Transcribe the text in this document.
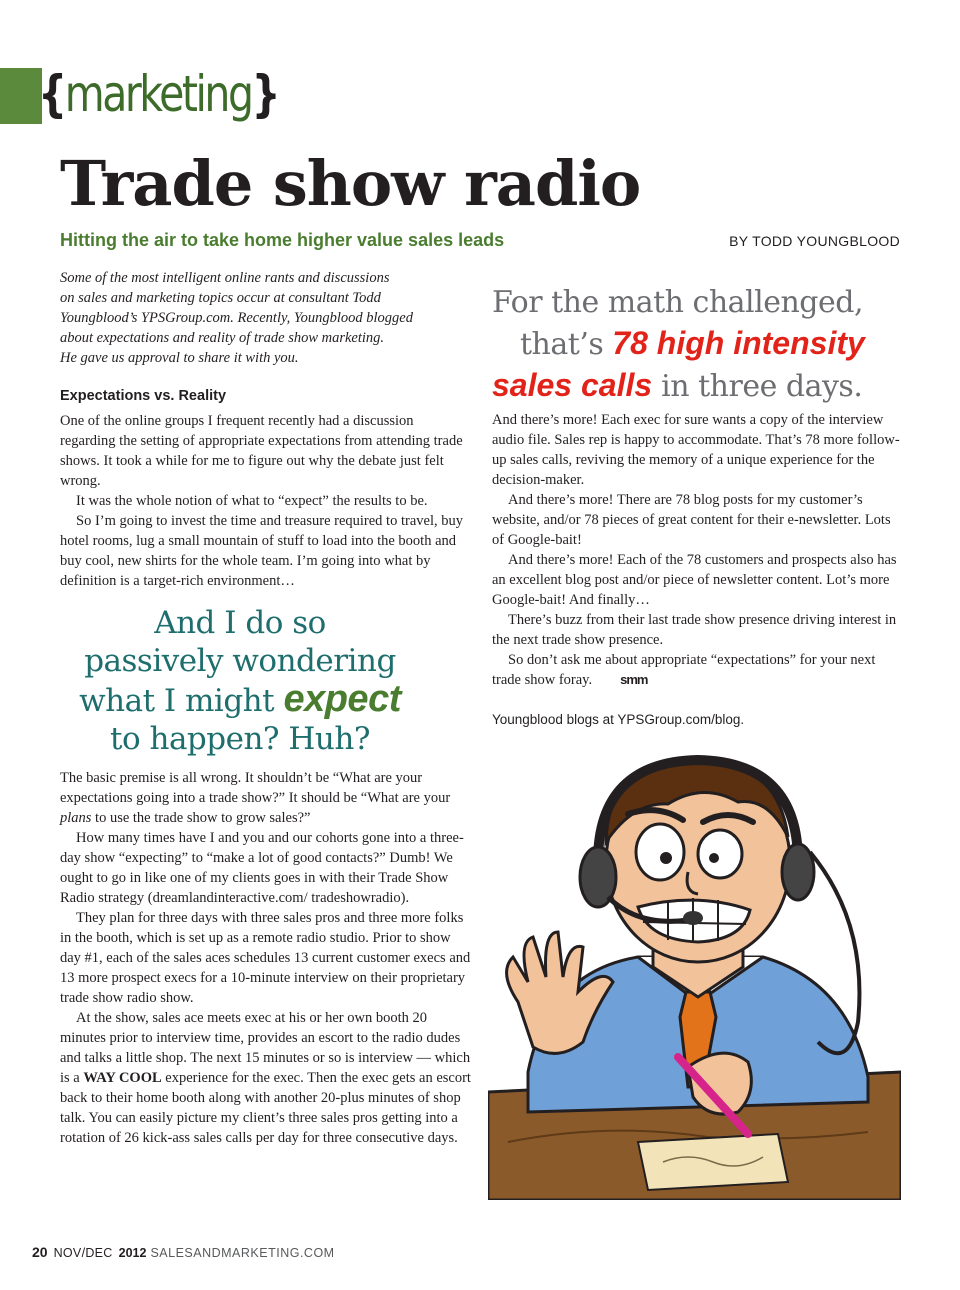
{marketing}
Trade show radio
Hitting the air to take home higher value sales leads	BY TODD YOUNGBLOOD

Some of the most intelligent online rants and discussions

on sales and marketing topics occur at consultant Todd

Youngblood’s YPSGroup.com. Recently, Youngblood blogged

about expectations and reality of trade show marketing.

He gave us approval to share it with you.

Expectations vs. Reality

One of the online groups I frequent recently had a discussion regarding the setting of appropriate expectations from attending trade shows. It took a while for me to figure out why the debate just felt wrong.

It was the whole notion of what to “expect” the results to be.

So I’m going to invest the time and treasure required to travel, buy hotel rooms, lug a small mountain of stuff to load into the booth and buy cool, new shirts for the whole team. I’m going into what by definition is a target-rich environment…

And I do so
passively wondering
what I might expect
to happen? Huh?

The basic premise is all wrong. It shouldn’t be “What are your expectations going into a trade show?” It should be “What are your plans to use the trade show to grow sales?”

How many times have I and you and our cohorts gone into a three-day show “expecting” to “make a lot of good contacts?” Dumb! We ought to go in like one of my clients goes in with their Trade Show Radio strategy (dreamlandinteractive.com/ tradeshowradio).

They plan for three days with three sales pros and three more folks in the booth, which is set up as a remote radio studio. Prior to show day #1, each of the sales aces schedules 13 current customer execs and 13 more prospect execs for a 10-minute interview on their proprietary trade show radio show.

At the show, sales ace meets exec at his or her own booth 20 minutes prior to interview time, provides an escort to the radio dudes and talks a little shop. The next 15 minutes or so is interview — which is a WAY COOL experience for the exec. Then the exec gets an escort back to their home booth along with another 20-plus minutes of shop talk. You can easily picture my client’s three sales pros getting into a rotation of 26 kick-ass sales calls per day for three consecutive days.

For the math challenged,
that’s 78 high intensity
sales calls in three days.

And there’s more! Each exec for sure wants a copy of the interview audio file. Sales rep is happy to accommodate. That’s 78 more follow-up sales calls, reviving the memory of a unique experience for the decision-maker.

And there’s more! There are 78 blog posts for my customer’s website, and/or 78 pieces of great content for their e-newsletter. Lots of Google-bait!

And there’s more! Each of the 78 customers and prospects also has an excellent blog post and/or piece of newsletter content. Lot’s more Google-bait! And finally…

There’s buzz from their last trade show presence driving interest in the next trade show presence.

So don’t ask me about appropriate “expectations” for your next trade show foray. smm

Youngblood blogs at YPSGroup.com/blog.
20 NOV/DEC 2012 SALESANDMARKETING.COM
